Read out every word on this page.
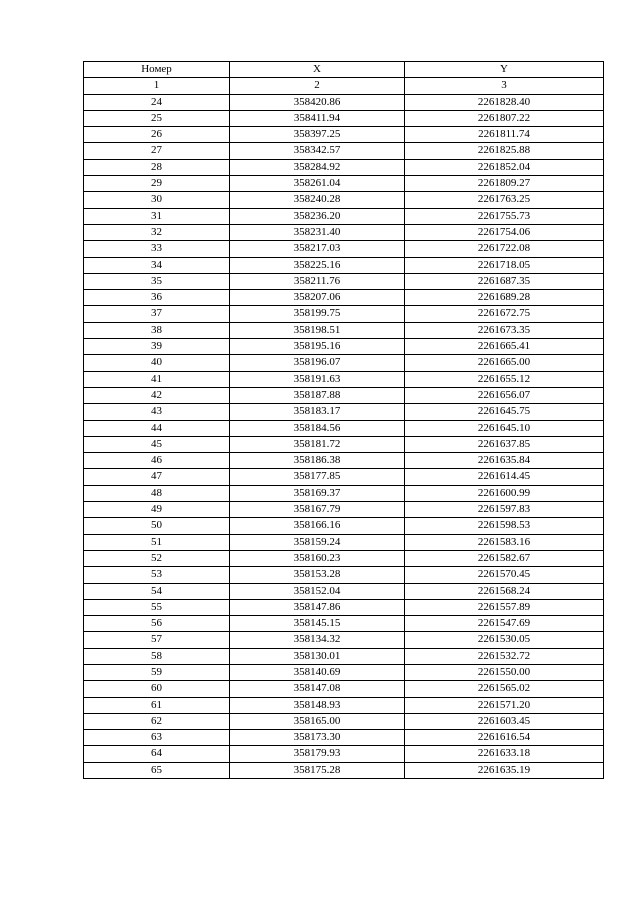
Номер	X	Y
1	2	3
24	358420.86	2261828.40
25	358411.94	2261807.22
26	358397.25	2261811.74
27	358342.57	2261825.88
28	358284.92	2261852.04
29	358261.04	2261809.27
30	358240.28	2261763.25
31	358236.20	2261755.73
32	358231.40	2261754.06
33	358217.03	2261722.08
34	358225.16	2261718.05
35	358211.76	2261687.35
36	358207.06	2261689.28
37	358199.75	2261672.75
38	358198.51	2261673.35
39	358195.16	2261665.41
40	358196.07	2261665.00
41	358191.63	2261655.12
42	358187.88	2261656.07
43	358183.17	2261645.75
44	358184.56	2261645.10
45	358181.72	2261637.85
46	358186.38	2261635.84
47	358177.85	2261614.45
48	358169.37	2261600.99
49	358167.79	2261597.83
50	358166.16	2261598.53
51	358159.24	2261583.16
52	358160.23	2261582.67
53	358153.28	2261570.45
54	358152.04	2261568.24
55	358147.86	2261557.89
56	358145.15	2261547.69
57	358134.32	2261530.05
58	358130.01	2261532.72
59	358140.69	2261550.00
60	358147.08	2261565.02
61	358148.93	2261571.20
62	358165.00	2261603.45
63	358173.30	2261616.54
64	358179.93	2261633.18
65	358175.28	2261635.19
